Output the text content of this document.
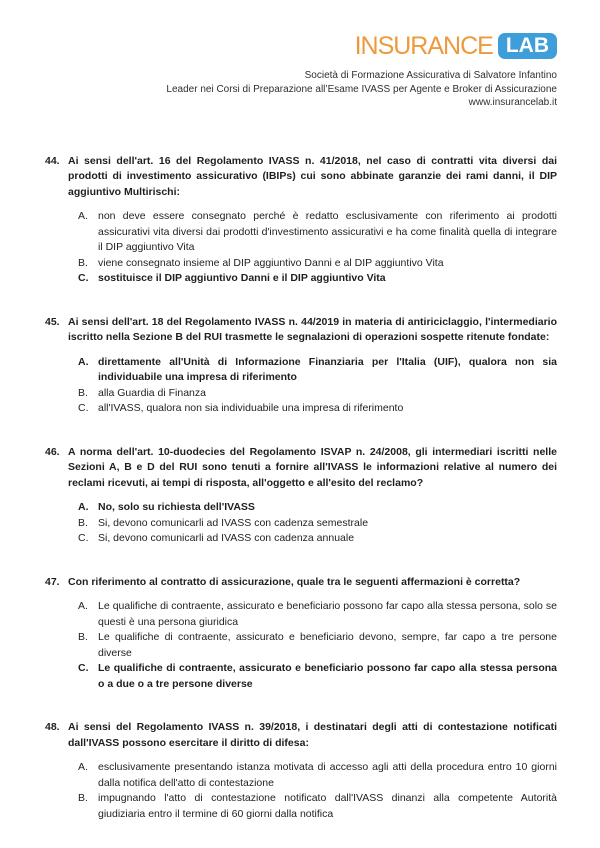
INSURANCE LAB
Società di Formazione Assicurativa di Salvatore Infantino
Leader nei Corsi di Preparazione all’Esame IVASS per Agente e Broker di Assicurazione
www.insurancelab.it
44. Ai sensi dell'art. 16 del Regolamento IVASS n. 41/2018, nel caso di contratti vita diversi dai prodotti di investimento assicurativo (IBIPs) cui sono abbinate garanzie dei rami danni, il DIP aggiuntivo Multirischi:
A. non deve essere consegnato perché è redatto esclusivamente con riferimento ai prodotti assicurativi vita diversi dai prodotti d'investimento assicurativi e ha come finalità quella di integrare il DIP aggiuntivo Vita
B. viene consegnato insieme al DIP aggiuntivo Danni e al DIP aggiuntivo Vita
C. sostituisce il DIP aggiuntivo Danni e il DIP aggiuntivo Vita
45. Ai sensi dell'art. 18 del Regolamento IVASS n. 44/2019 in materia di antiriciclaggio, l'intermediario iscritto nella Sezione B del RUI trasmette le segnalazioni di operazioni sospette ritenute fondate:
A. direttamente all'Unità di Informazione Finanziaria per l'Italia (UIF), qualora non sia individuabile una impresa di riferimento
B. alla Guardia di Finanza
C. all'IVASS, qualora non sia individuabile una impresa di riferimento
46. A norma dell'art. 10-duodecies del Regolamento ISVAP n. 24/2008, gli intermediari iscritti nelle Sezioni A, B e D del RUI sono tenuti a fornire all'IVASS le informazioni relative al numero dei reclami ricevuti, ai tempi di risposta, all'oggetto e all'esito del reclamo?
A. No, solo su richiesta dell'IVASS
B. Si, devono comunicarli ad IVASS con cadenza semestrale
C. Si, devono comunicarli ad IVASS con cadenza annuale
47. Con riferimento al contratto di assicurazione, quale tra le seguenti affermazioni è corretta?
A. Le qualifiche di contraente, assicurato e beneficiario possono far capo alla stessa persona, solo se questi è una persona giuridica
B. Le qualifiche di contraente, assicurato e beneficiario devono, sempre, far capo a tre persone diverse
C. Le qualifiche di contraente, assicurato e beneficiario possono far capo alla stessa persona o a due o a tre persone diverse
48. Ai sensi del Regolamento IVASS n. 39/2018, i destinatari degli atti di contestazione notificati dall'IVASS possono esercitare il diritto di difesa:
A. esclusivamente presentando istanza motivata di accesso agli atti della procedura entro 10 giorni dalla notifica dell'atto di contestazione
B. impugnando l'atto di contestazione notificato dall'IVASS dinanzi alla competente Autorità giudiziaria entro il termine di 60 giorni dalla notifica
